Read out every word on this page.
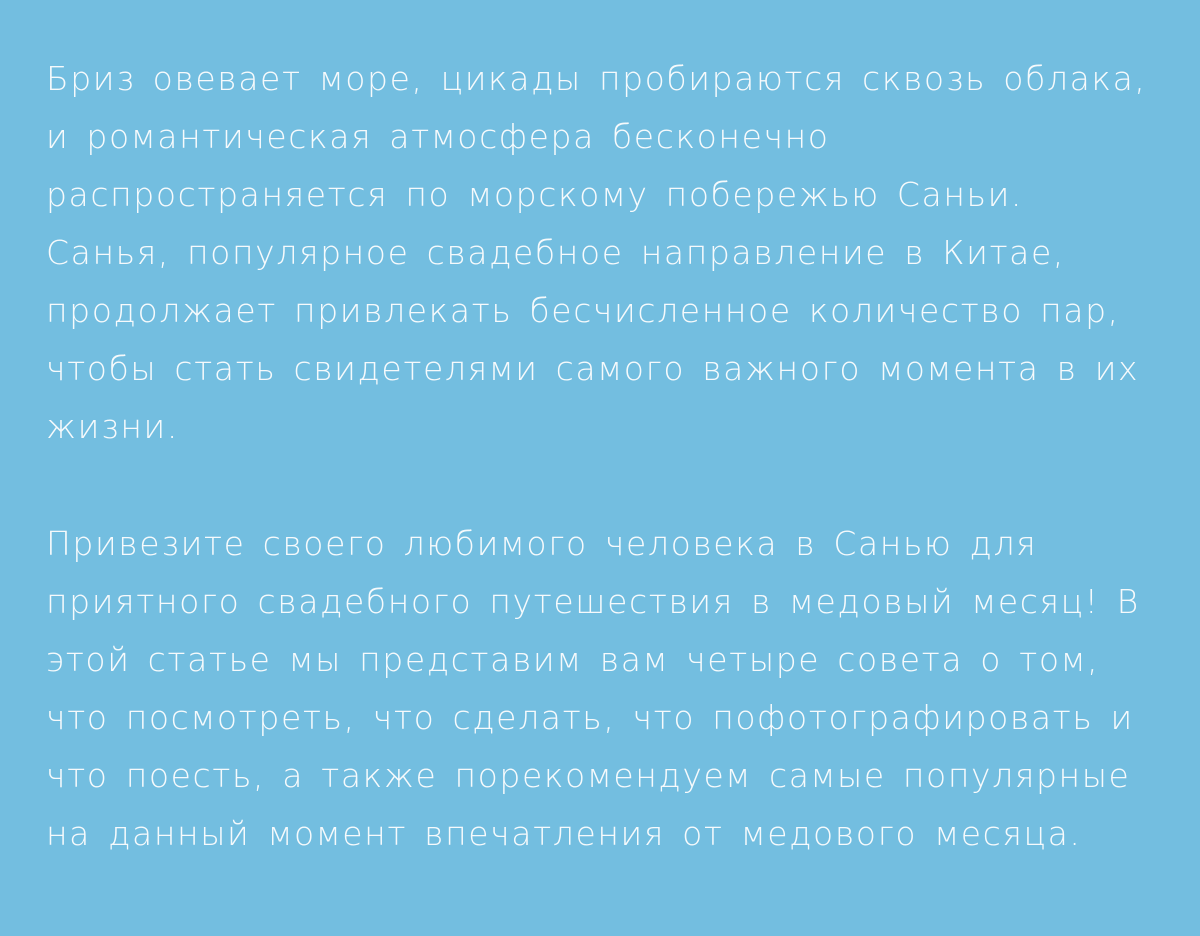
Бриз овевает море, цикады пробираются сквозь облака, и романтическая атмосфера бесконечно распространяется по морскому побережью Саньи. Санья, популярное свадебное направление в Китае, продолжает привлекать бесчисленное количество пар, чтобы стать свидетелями самого важного момента в их жизни.

Привезите своего любимого человека в Санью для приятного свадебного путешествия в медовый месяц! В этой статье мы представим вам четыре совета о том, что посмотреть, что сделать, что пофотографировать и что поесть, а также порекомендуем самые популярные на данный момент впечатления от медового месяца.
